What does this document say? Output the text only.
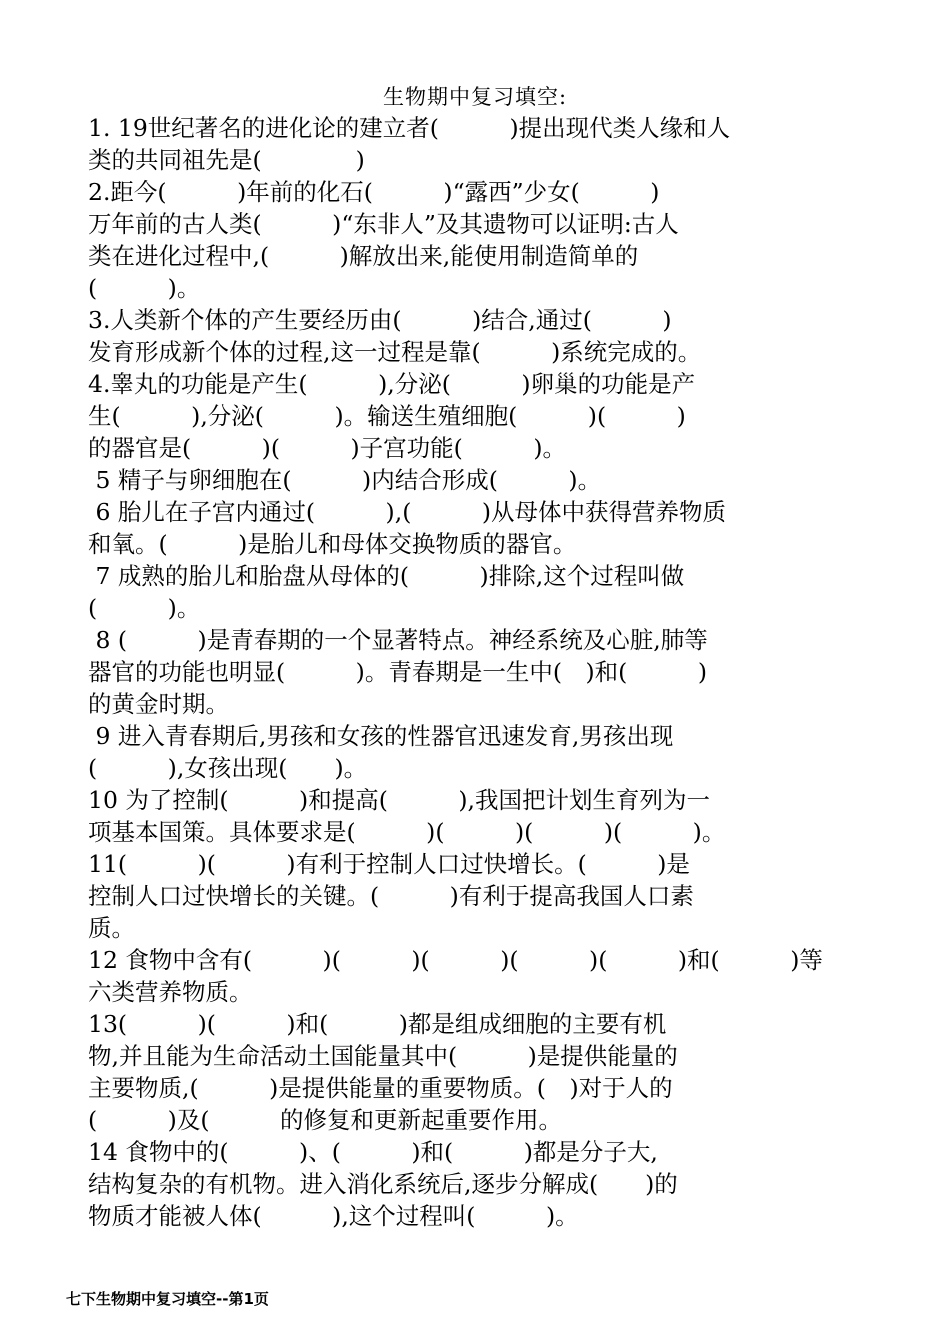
生物期中复习填空:
1. 19世纪著名的进化论的建立者(　　　)提出现代类人缘和人
类的共同祖先是(　　　　)
2.距今(　　　)年前的化石(　　　)“露西”少女(　　　)
万年前的古人类(　　　)“东非人”及其遗物可以证明:古人
类在进化过程中,(　　　)解放出来,能使用制造简单的
(　　　)。
3.人类新个体的产生要经历由(　　　)结合,通过(　　　)
发育形成新个体的过程,这一过程是靠(　　　)系统完成的。
4.睾丸的功能是产生(　　　),分泌(　　　)卵巢的功能是产
生(　　　),分泌(　　　)。输送生殖细胞(　　　)(　　　)
的器官是(　　　)(　　　)子宫功能(　　　)。
5 精子与卵细胞在(　　　)内结合形成(　　　)。
6 胎儿在子宫内通过(　　　),(　　　)从母体中获得营养物质
和氧。(　　　)是胎儿和母体交换物质的器官。
7 成熟的胎儿和胎盘从母体的(　　　)排除,这个过程叫做
(　　　)。
8 (　　　)是青春期的一个显著特点。神经系统及心脏,肺等
器官的功能也明显(　　　)。青春期是一生中(　)和(　　　)
的黄金时期。
9 进入青春期后,男孩和女孩的性器官迅速发育,男孩出现
(　　　),女孩出现(　　)。
10 为了控制(　　　)和提高(　　　),我国把计划生育列为一
项基本国策。具体要求是(　　　)(　　　)(　　　)(　　　)。
11(　　　)(　　　)有利于控制人口过快增长。(　　　)是
控制人口过快增长的关键。(　　　)有利于提高我国人口素
质。
12 食物中含有(　　　)(　　　)(　　　)(　　　)(　　　)和(　　　)等
六类营养物质。
13(　　　)(　　　)和(　　　)都是组成细胞的主要有机
物,并且能为生命活动土国能量其中(　　　)是提供能量的
主要物质,(　　　)是提供能量的重要物质。(　)对于人的
(　　　)及(　　　的修复和更新起重要作用。
14 食物中的(　　　)、(　　　)和(　　　)都是分子大,
结构复杂的有机物。进入消化系统后,逐步分解成(　　)的
物质才能被人体(　　　),这个过程叫(　　　)。
七下生物期中复习填空--第1页
